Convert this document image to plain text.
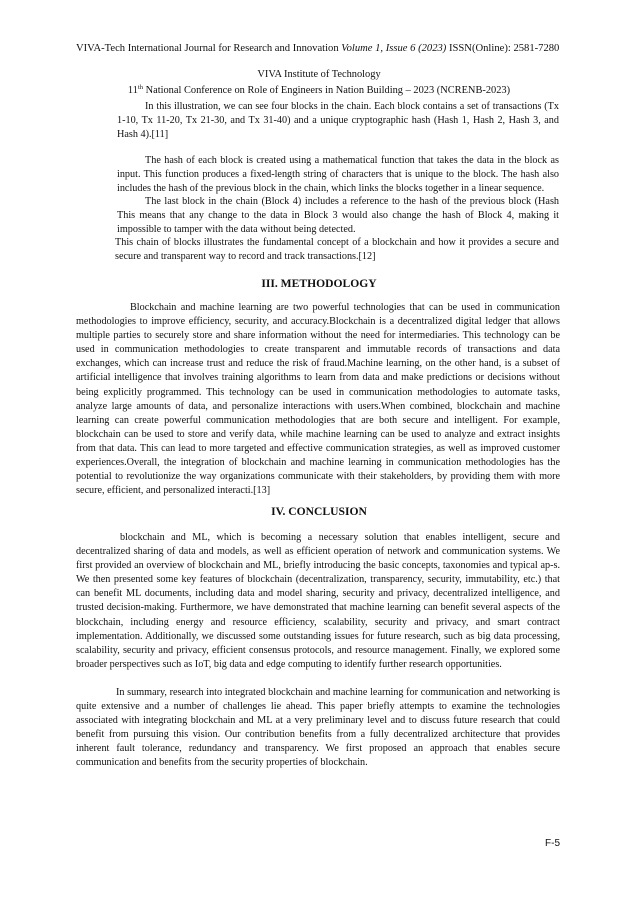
VIVA-Tech International Journal for Research and Innovation Volume 1, Issue 6 (2023) ISSN(Online): 2581-7280
VIVA Institute of Technology
11th National Conference on Role of Engineers in Nation Building – 2023 (NCRENB-2023)

In this illustration, we can see four blocks in the chain. Each block contains a set of transactions (Tx 1-10, Tx 11-20, Tx 21-30, and Tx 31-40) and a unique cryptographic hash (Hash 1, Hash 2, Hash 3, and Hash 4).[11]

The hash of each block is created using a mathematical function that takes the data in the block as input. This function produces a fixed-length string of characters that is unique to the block. The hash also includes the hash of the previous block in the chain, which links the blocks together in a linear sequence.

The last block in the chain (Block 4) includes a reference to the hash of the previous block (Hash This means that any change to the data in Block 3 would also change the hash of Block 4, making it impossible to tamper with the data without being detected.

This chain of blocks illustrates the fundamental concept of a blockchain and how it provides a secure and secure and transparent way to record and track transactions.[12]

III. METHODOLOGY

Blockchain and machine learning are two powerful technologies that can be used in communication methodologies to improve efficiency, security, and accuracy.Blockchain is a decentralized digital ledger that allows multiple parties to securely store and share information without the need for intermediaries. This technology can be used in communication methodologies to create transparent and immutable records of transactions and data exchanges, which can increase trust and reduce the risk of fraud.Machine learning, on the other hand, is a subset of artificial intelligence that involves training algorithms to learn from data and make predictions or decisions without being explicitly programmed. This technology can be used in communication methodologies to automate tasks, analyze large amounts of data, and personalize interactions with users.When combined, blockchain and machine learning can create powerful communication methodologies that are both secure and intelligent. For example, blockchain can be used to store and verify data, while machine learning can be used to analyze and extract insights from that data. This can lead to more targeted and effective communication strategies, as well as improved customer experiences.Overall, the integration of blockchain and machine learning in communication methodologies has the potential to revolutionize the way organizations communicate with their stakeholders, by providing them with more secure, efficient, and personalized interacti.[13]

IV. CONCLUSION

blockchain and ML, which is becoming a necessary solution that enables intelligent, secure and decentralized sharing of data and models, as well as efficient operation of network and communication systems. We first provided an overview of blockchain and ML, briefly introducing the basic concepts, taxonomies and typical ap-s. We then presented some key features of blockchain (decentralization, transparency, security, immutability, etc.) that can benefit ML documents, including data and model sharing, security and privacy, decentralized intelligence, and trusted decision-making. Furthermore, we have demonstrated that machine learning can benefit several aspects of the blockchain, including energy and resource efficiency, scalability, security and privacy, and smart contract implementation. Additionally, we discussed some outstanding issues for future research, such as big data processing, scalability, security and privacy, efficient consensus protocols, and resource management. Finally, we explored some broader perspectives such as IoT, big data and edge computing to identify further research opportunities.

In summary, research into integrated blockchain and machine learning for communication and networking is quite extensive and a number of challenges lie ahead. This paper briefly attempts to examine the technologies associated with integrating blockchain and ML at a very preliminary level and to discuss future research that could benefit from pursuing this vision. Our contribution benefits from a fully decentralized architecture that provides inherent fault tolerance, redundancy and transparency. We first proposed an approach that enables secure communication and benefits from the security properties of blockchain.

F-5
